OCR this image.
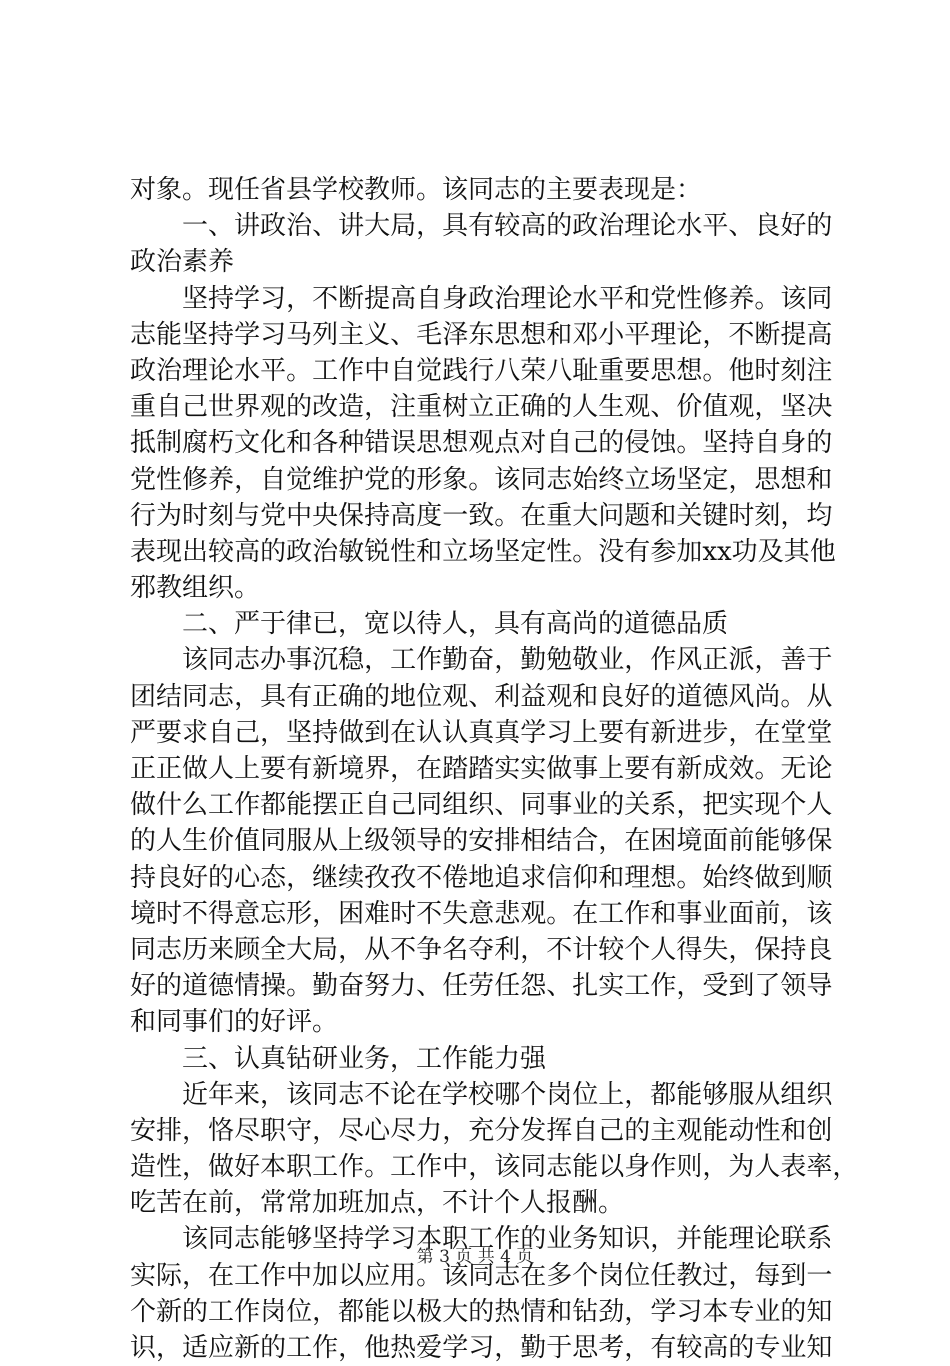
对象。现任省县学校教师。该同志的主要表现是：
一 、 讲 政 治 、 讲 大 局 ， 具 有 较 高 的 政 治 理 论 水 平 、 良 好 的
政治素养
坚 持 学 习 ， 不 断 提 高 自 身 政 治 理 论 水 平 和 党 性 修 养 。 该 同
志 能 坚 持 学 习 马 列 主 义 、 毛 泽 东 思 想 和 邓 小 平 理 论 ， 不 断 提 高
政 治 理 论 水 平 。 工 作 中 自 觉 践 行 八 荣 八 耻 重 要 思 想 。 他 时 刻 注
重 自 己 世 界 观 的 改 造 ， 注 重 树 立 正 确 的 人 生 观 、 价 值 观 ， 坚 决
抵 制 腐 朽 文 化 和 各 种 错 误 思 想 观 点 对 自 己 的 侵 蚀 。 坚 持 自 身 的
党 性 修 养 ， 自 觉 维 护 党 的 形 象 。 该 同 志 始 终 立 场 坚 定 ， 思 想 和
行 为 时 刻 与 党 中 央 保 持 高 度 一 致 。 在 重 大 问 题 和 关 键 时 刻 ， 均
表 现 出 较 高 的 政 治 敏 锐 性 和 立 场 坚 定 性 。 没 有 参 加 xx 功 及 其 他
邪教组织。
二、严于律已，宽以待人，具有高尚的道德品质
该 同 志 办 事 沉 稳 ， 工 作 勤 奋 ， 勤 勉 敬 业 ， 作 风 正 派 ， 善 于
团 结 同 志 ， 具 有 正 确 的 地 位 观 、 利 益 观 和 良 好 的 道 德 风 尚 。 从
严 要 求 自 己 ， 坚 持 做 到 在 认 认 真 真 学 习 上 要 有 新 进 步 ， 在 堂 堂
正 正 做 人 上 要 有 新 境 界 ， 在 踏 踏 实 实 做 事 上 要 有 新 成 效 。 无 论
做 什 么 工 作 都 能 摆 正 自 己 同 组 织 、 同 事 业 的 关 系 ， 把 实 现 个 人
的 人 生 价 值 同 服 从 上 级 领 导 的 安 排 相 结 合 ， 在 困 境 面 前 能 够 保
持 良 好 的 心 态 ， 继 续 孜 孜 不 倦 地 追 求 信 仰 和 理 想 。 始 终 做 到 顺
境 时 不 得 意 忘 形 ， 困 难 时 不 失 意 悲 观 。 在 工 作 和 事 业 面 前 ， 该
同 志 历 来 顾 全 大 局 ， 从 不 争 名 夺 利 ， 不 计 较 个 人 得 失 ， 保 持 良
好 的 道 德 情 操 。 勤 奋 努 力 、 任 劳 任 怨 、 扎 实 工 作 ， 受 到 了 领 导
和同事们的好评。
三、认真钻研业务，工作能力强
近 年 来 ， 该 同 志 不 论 在 学 校 哪 个 岗 位 上 ， 都 能 够 服 从 组 织
安 排 ， 恪 尽 职 守 ， 尽 心 尽 力 ， 充 分 发 挥 自 己 的 主 观 能 动 性 和 创
造 性 ， 做 好 本 职 工 作 。 工 作 中 ， 该 同 志 能 以 身 作 则 ， 为 人 表 率 ，
吃苦在前，常常加班加点，不计个人报酬。
该 同 志 能 够 坚 持 学 习 本 职 工 作 的 业 务 知 识 ， 并 能 理 论 联 系
实 际 ， 在 工 作 中 加 以 应 用 。 该 同 志 在 多 个 岗 位 任 教 过 ， 每 到 一
个 新 的 工 作 岗 位 ， 都 能 以 极 大 的 热 情 和 钻 劲 ， 学 习 本 专 业 的 知
识 ， 适 应 新 的 工 作 ， 他 热 爱 学 习 ， 勤 于 思 考 ， 有 较 高 的 专 业 知
第 3 页 共 4 页
